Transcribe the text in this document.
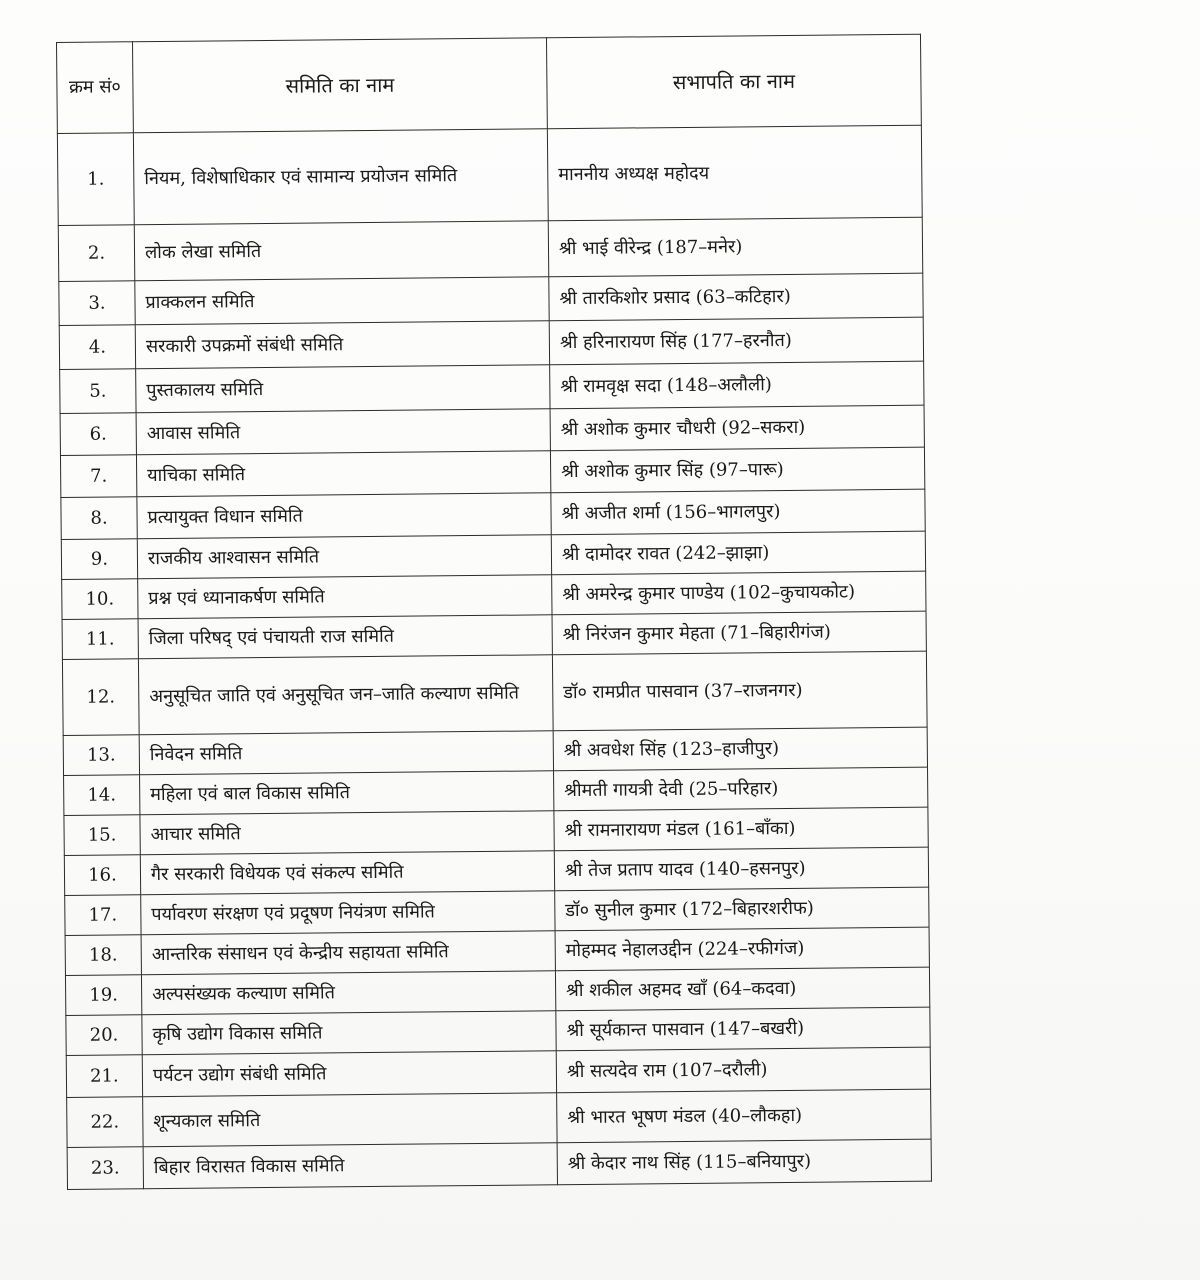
क्रम सं०	समिति का नाम	सभापति का नाम
1.	नियम, विशेषाधिकार एवं सामान्य प्रयोजन समिति	माननीय अध्यक्ष महोदय
2.	लोक लेखा समिति	श्री भाई वीरेन्द्र (187–मनेर)
3.	प्राक्कलन समिति	श्री तारकिशोर प्रसाद (63–कटिहार)
4.	सरकारी उपक्रमों संबंधी समिति	श्री हरिनारायण सिंह (177–हरनौत)
5.	पुस्तकालय समिति	श्री रामवृक्ष सदा (148–अलौली)
6.	आवास समिति	श्री अशोक कुमार चौधरी (92–सकरा)
7.	याचिका समिति	श्री अशोक कुमार सिंह (97–पारू)
8.	प्रत्यायुक्त विधान समिति	श्री अजीत शर्मा (156–भागलपुर)
9.	राजकीय आश्वासन समिति	श्री दामोदर रावत (242–झाझा)
10.	प्रश्न एवं ध्यानाकर्षण समिति	श्री अमरेन्द्र कुमार पाण्डेय (102–कुचायकोट)
11.	जिला परिषद् एवं पंचायती राज समिति	श्री निरंजन कुमार मेहता (71–बिहारीगंज)
12.	अनुसूचित जाति एवं अनुसूचित जन–जाति कल्याण समिति	डॉ० रामप्रीत पासवान (37–राजनगर)
13.	निवेदन समिति	श्री अवधेश सिंह (123–हाजीपुर)
14.	महिला एवं बाल विकास समिति	श्रीमती गायत्री देवी (25–परिहार)
15.	आचार समिति	श्री रामनारायण मंडल (161–बाँका)
16.	गैर सरकारी विधेयक एवं संकल्प समिति	श्री तेज प्रताप यादव (140–हसनपुर)
17.	पर्यावरण संरक्षण एवं प्रदूषण नियंत्रण समिति	डॉ० सुनील कुमार (172–बिहारशरीफ)
18.	आन्तरिक संसाधन एवं केन्द्रीय सहायता समिति	मोहम्मद नेहालउद्दीन (224–रफीगंज)
19.	अल्पसंख्यक कल्याण समिति	श्री शकील अहमद खाँ (64–कदवा)
20.	कृषि उद्योग विकास समिति	श्री सूर्यकान्त पासवान (147–बखरी)
21.	पर्यटन उद्योग संबंधी समिति	श्री सत्यदेव राम (107–दरौली)
22.	शून्यकाल समिति	श्री भारत भूषण मंडल (40–लौकहा)
23.	बिहार विरासत विकास समिति	श्री केदार नाथ सिंह (115–बनियापुर)
